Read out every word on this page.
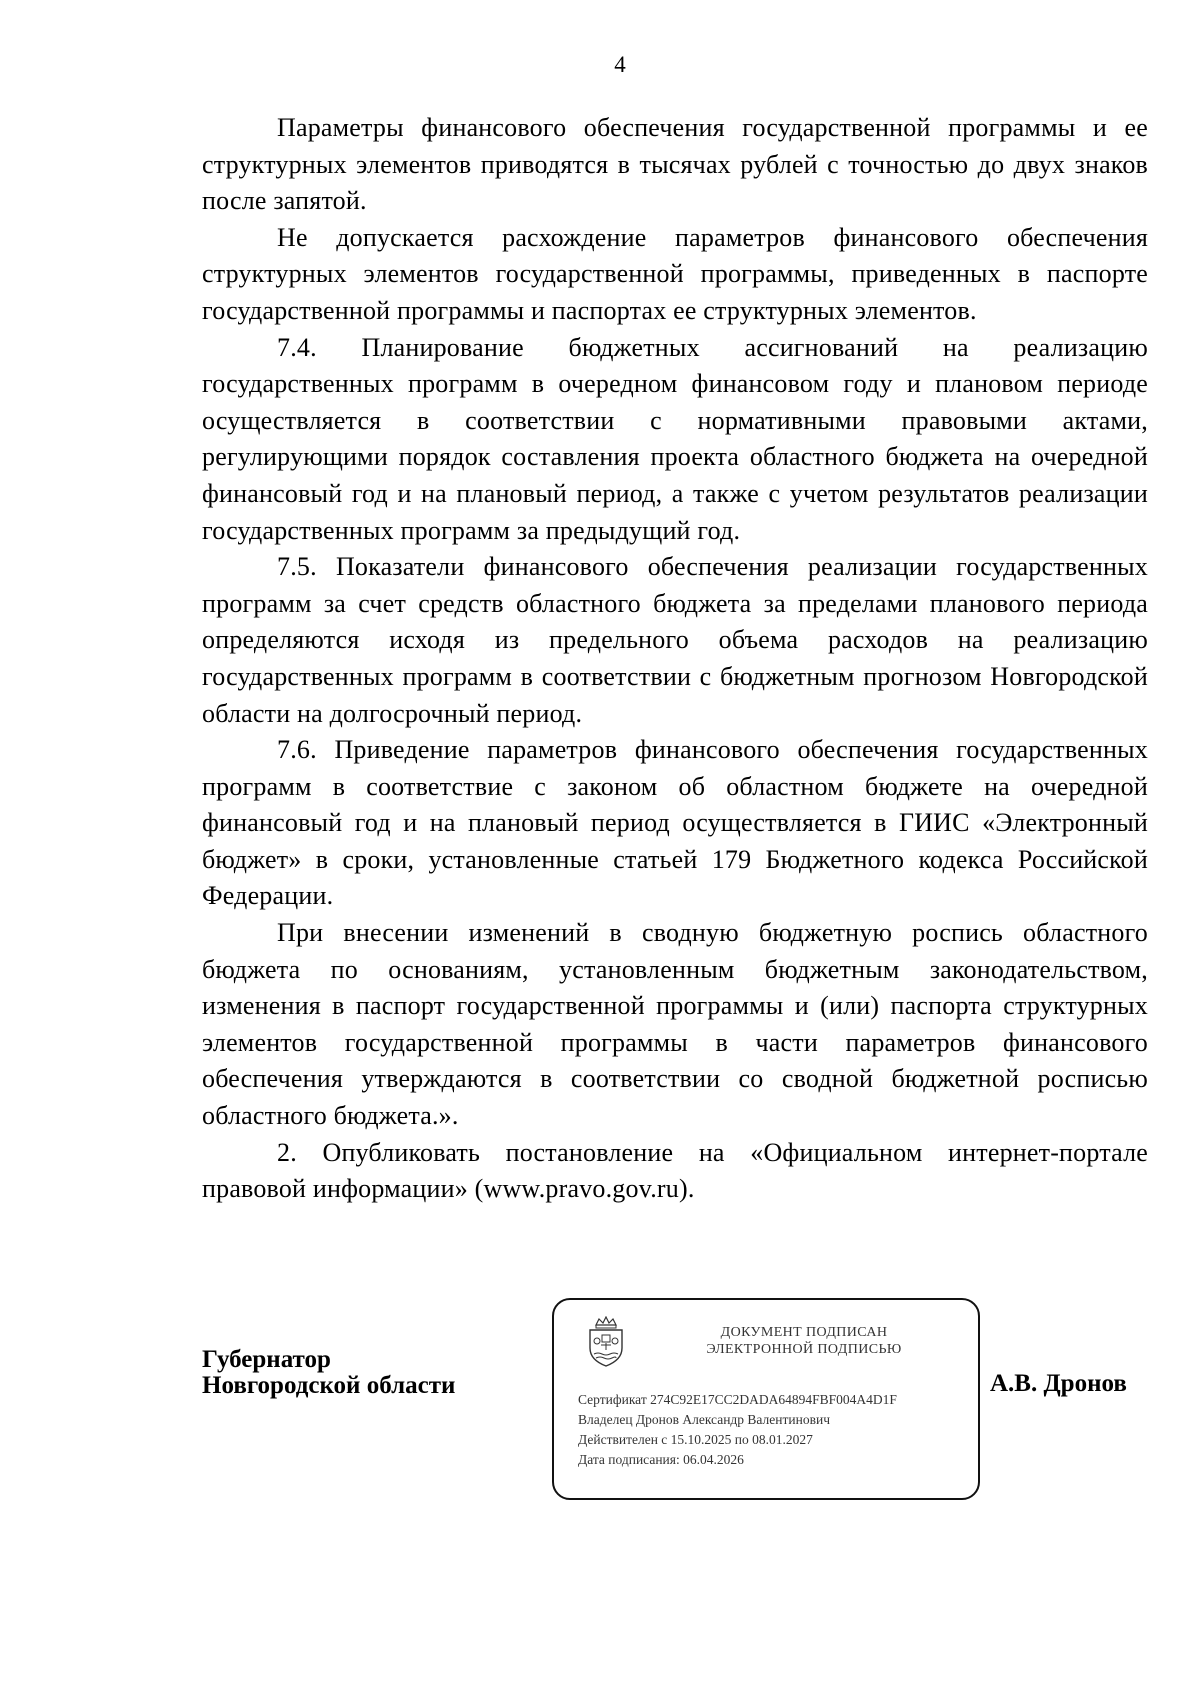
4

Параметры финансового обеспечения государственной программы и ее структурных элементов приводятся в тысячах рублей с точностью до двух знаков после запятой.

Не допускается расхождение параметров финансового обеспечения структурных элементов государственной программы, приведенных в паспорте государственной программы и паспортах ее структурных элементов.

7.4. Планирование бюджетных ассигнований на реализацию государственных программ в очередном финансовом году и плановом периоде осуществляется в соответствии с нормативными правовыми актами, регулирующими порядок составления проекта областного бюджета на очередной финансовый год и на плановый период, а также с учетом результатов реализации государственных программ за предыдущий год.

7.5. Показатели финансового обеспечения реализации государственных программ за счет средств областного бюджета за пределами планового периода определяются исходя из предельного объема расходов на реализацию государственных программ в соответствии с бюджетным прогнозом Новгородской области на долгосрочный период.

7.6. Приведение параметров финансового обеспечения государственных программ в соответствие с законом об областном бюджете на очередной финансовый год и на плановый период осуществляется в ГИИС «Электронный бюджет» в сроки, установленные статьей 179 Бюджетного кодекса Российской Федерации.

При внесении изменений в сводную бюджетную роспись областного бюджета по основаниям, установленным бюджетным законодательством, изменения в паспорт государственной программы и (или) паспорта структурных элементов государственной программы в части параметров финансового обеспечения утверждаются в соответствии со сводной бюджетной росписью областного бюджета.».

2. Опубликовать постановление на «Официальном интернет-портале правовой информации» (www.pravo.gov.ru).

Губернатор
Новгородской области
ДОКУМЕНТ ПОДПИСАН
ЭЛЕКТРОННОЙ ПОДПИСЬЮ
Сертификат 274C92E17CC2DADA64894FBF004A4D1F
Владелец Дронов Александр Валентинович
Действителен с 15.10.2025 по 08.01.2027
Дата подписания: 06.04.2026
А.В. Дронов
